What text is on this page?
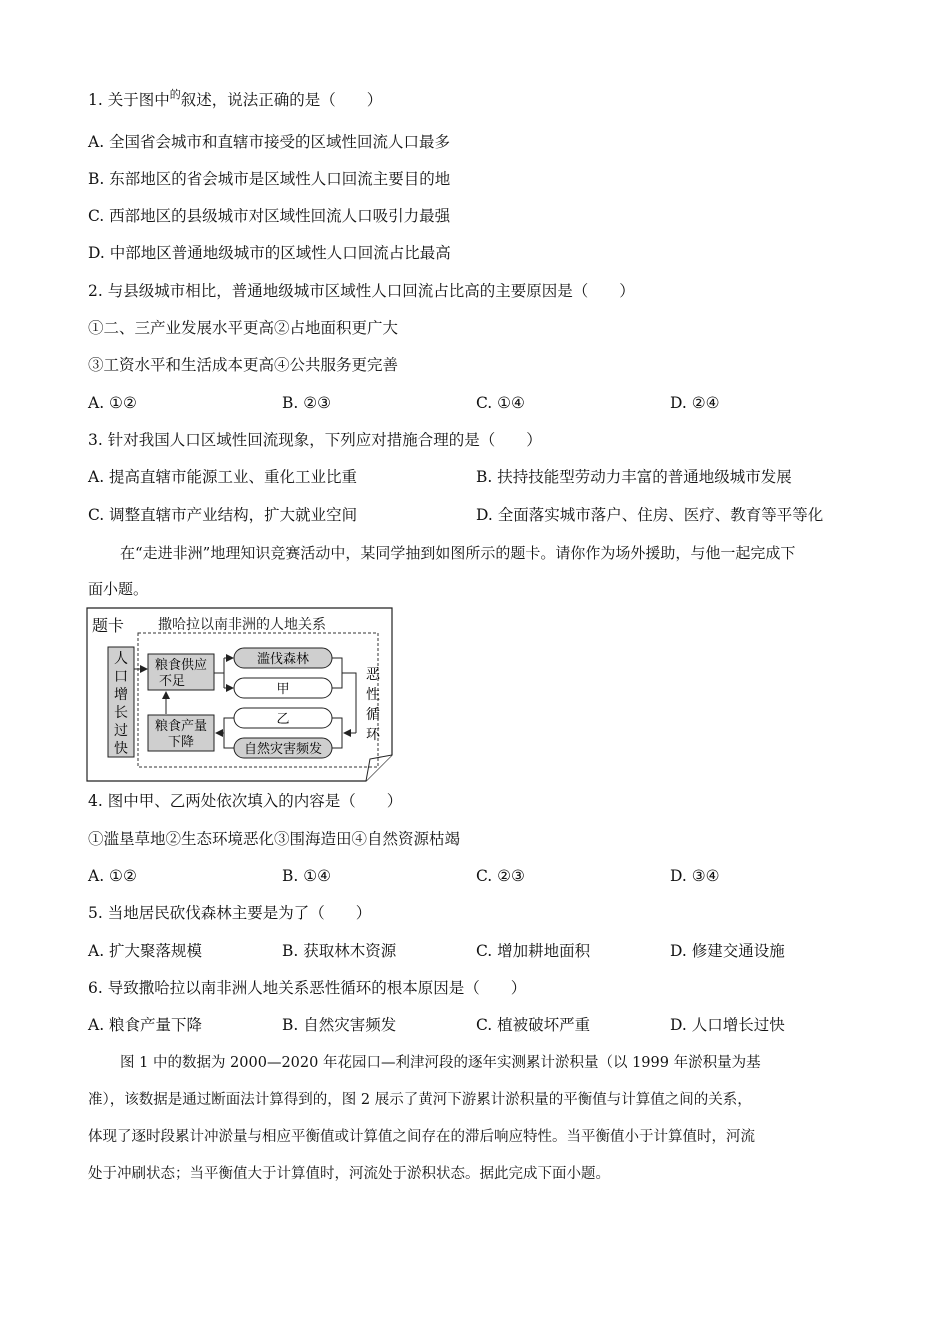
1. 关于图中$^的$叙述，说法正确的是（　　）
A. 全国省会城市和直辖市接受的区域性回流人口最多
B. 东部地区的省会城市是区域性人口回流主要目的地
C. 西部地区的县级城市对区域性回流人口吸引力最强
D. 中部地区普通地级城市的区域性人口回流占比最高
2. 与县级城市相比，普通地级城市区域性人口回流占比高的主要原因是（　　）
①二、三产业发展水平更高②占地面积更广大
③工资水平和生活成本更高④公共服务更完善
A. ①②	B. ②③	C. ①④	D. ②④
3. 针对我国人口区域性回流现象，下列应对措施合理的是（　　）
A. 提高直辖市能源工业、重化工业比重	B. 扶持技能型劳动力丰富的普通地级城市发展
C. 调整直辖市产业结构，扩大就业空间	D. 全面落实城市落户、住房、医疗、教育等平等化
在“走进非洲”地理知识竞赛活动中，某同学抽到如图所示的题卡。请你作为场外援助，与他一起完成下
面小题。
题卡 撒哈拉以南非洲的人地关系
人
口
增
长
过
快
粮食供应
不足
粮食产量
下降
滥伐森林
甲
乙
自然灾害频发
恶
性
循
环
4. 图中甲、乙两处依次填入的内容是（　　）
①滥垦草地②生态环境恶化③围海造田④自然资源枯竭
A. ①②	B. ①④	C. ②③	D. ③④
5. 当地居民砍伐森林主要是为了（　　）
A. 扩大聚落规模	B. 获取林木资源	C. 增加耕地面积	D. 修建交通设施
6. 导致撒哈拉以南非洲人地关系恶性循环的根本原因是（　　）
A. 粮食产量下降	B. 自然灾害频发	C. 植被破坏严重	D. 人口增长过快
图 1 中的数据为 2000—2020 年花园口—利津河段的逐年实测累计淤积量（以 1999 年淤积量为基
准），该数据是通过断面法计算得到的，图 2 展示了黄河下游累计淤积量的平衡值与计算值之间的关系，
体现了逐时段累计冲淤量与相应平衡值或计算值之间存在的滞后响应特性。当平衡值小于计算值时，河流
处于冲刷状态；当平衡值大于计算值时，河流处于淤积状态。据此完成下面小题。
